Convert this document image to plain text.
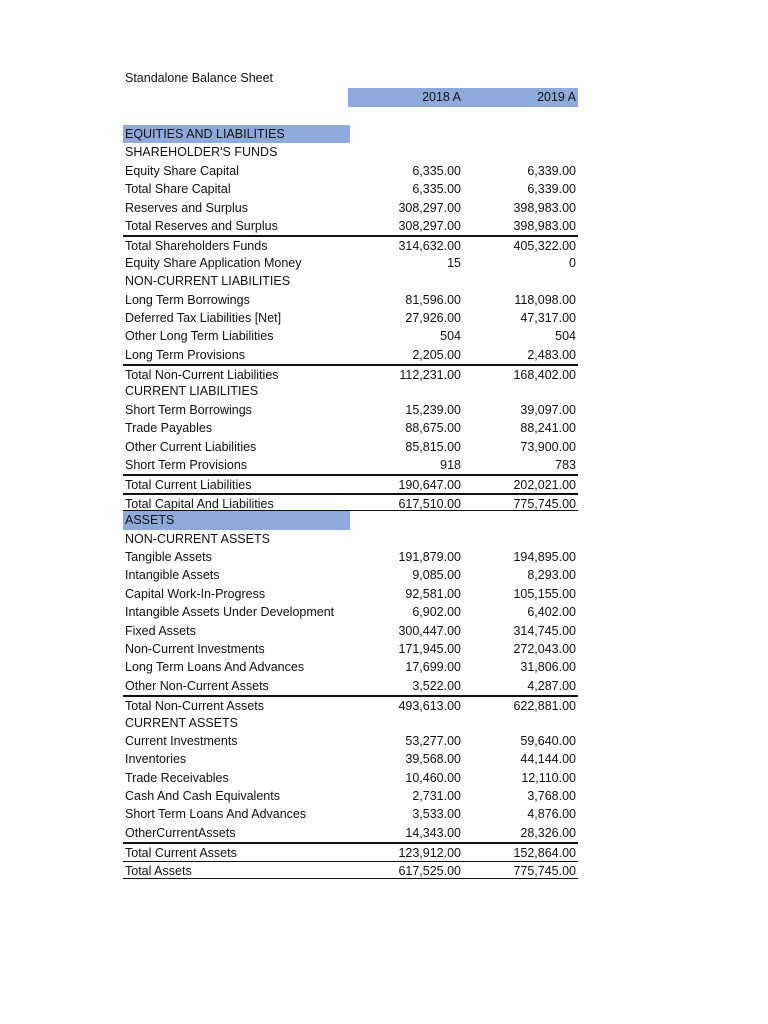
Standalone Balance Sheet
2018 A	2019 A
EQUITIES AND LIABILITIES
SHAREHOLDER'S FUNDS
Equity Share Capital	6,335.00	6,339.00
Total Share Capital	6,335.00	6,339.00
Reserves and Surplus	308,297.00	398,983.00
Total Reserves and Surplus	308,297.00	398,983.00
Total Shareholders Funds	314,632.00	405,322.00
Equity Share Application Money	15	0
NON-CURRENT LIABILITIES
Long Term Borrowings	81,596.00	118,098.00
Deferred Tax Liabilities [Net]	27,926.00	47,317.00
Other Long Term Liabilities	504	504
Long Term Provisions	2,205.00	2,483.00
Total Non-Current Liabilities	112,231.00	168,402.00
CURRENT LIABILITIES
Short Term Borrowings	15,239.00	39,097.00
Trade Payables	88,675.00	88,241.00
Other Current Liabilities	85,815.00	73,900.00
Short Term Provisions	918	783
Total Current Liabilities	190,647.00	202,021.00
Total Capital And Liabilities	617,510.00	775,745.00
ASSETS
NON-CURRENT ASSETS
Tangible Assets	191,879.00	194,895.00
Intangible Assets	9,085.00	8,293.00
Capital Work-In-Progress	92,581.00	105,155.00
Intangible Assets Under Development	6,902.00	6,402.00
Fixed Assets	300,447.00	314,745.00
Non-Current Investments	171,945.00	272,043.00
Long Term Loans And Advances	17,699.00	31,806.00
Other Non-Current Assets	3,522.00	4,287.00
Total Non-Current Assets	493,613.00	622,881.00
CURRENT ASSETS
Current Investments	53,277.00	59,640.00
Inventories	39,568.00	44,144.00
Trade Receivables	10,460.00	12,110.00
Cash And Cash Equivalents	2,731.00	3,768.00
Short Term Loans And Advances	3,533.00	4,876.00
OtherCurrentAssets	14,343.00	28,326.00
Total Current Assets	123,912.00	152,864.00
Total Assets	617,525.00	775,745.00
